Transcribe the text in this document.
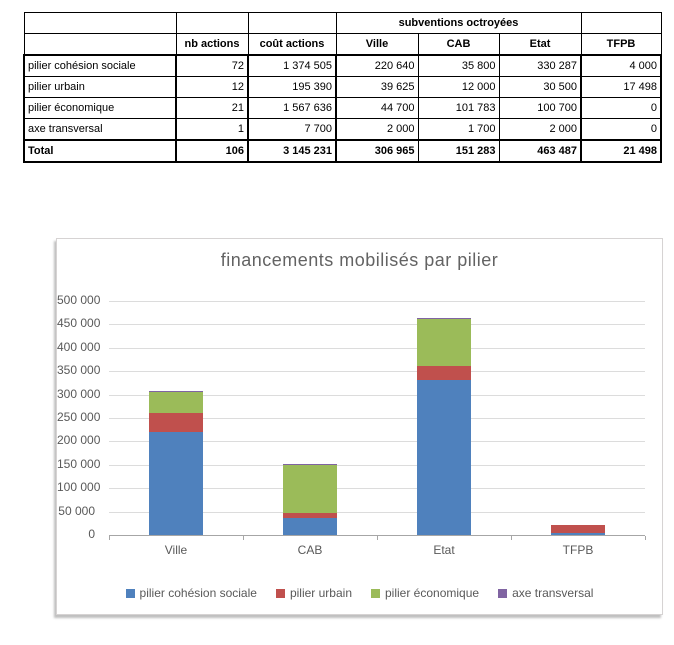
			subventions octroyées			
	nb actions	coût actions	Ville	CAB	Etat	TFPB
pilier cohésion sociale	72	1 374 505	220 640	35 800	330 287	4 000
pilier urbain	12	195 390	39 625	12 000	30 500	17 498
pilier économique	21	1 567 636	44 700	101 783	100 700	0
axe transversal	1	7 700	2 000	1 700	2 000	0
Total	106	3 145 231	306 965	151 283	463 487	21 498
financements mobilisés par pilier
pilier cohésion sociale	pilier urbain	pilier économique	axe transversal
0
50 000
100 000
150 000
200 000
250 000
300 000
350 000
400 000
450 000
500 000
Ville	CAB	Etat	TFPB
